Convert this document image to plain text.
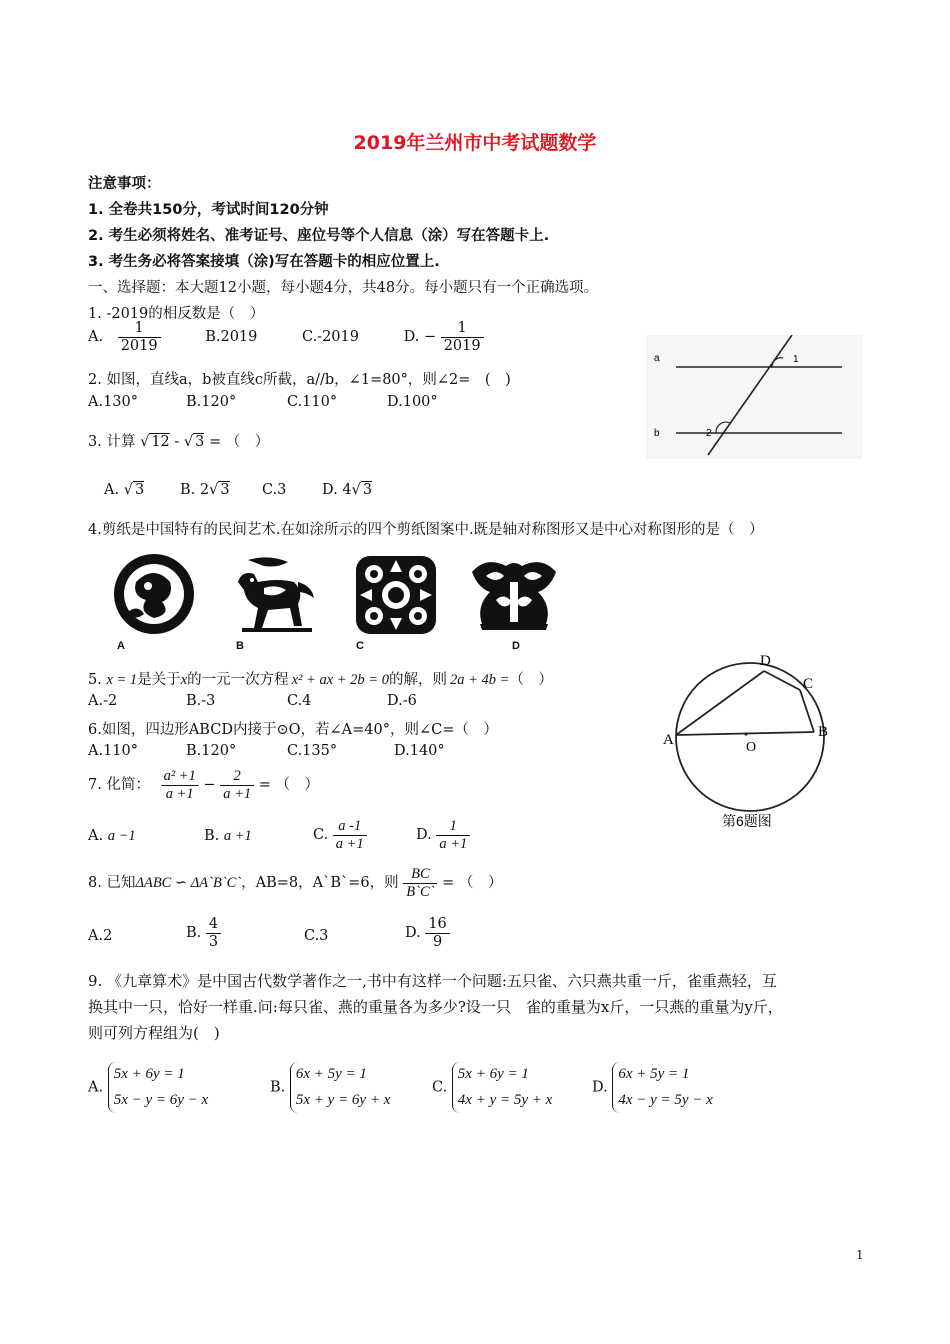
2019年兰州市中考试题数学
注意事项：
1. 全卷共150分，考试时间120分钟
2. 考生必须将姓名、准考证号、座位号等个人信息（涂）写在答题卡上.
3. 考生务必将答案接填（涂)写在答题卡的相应位置上.
一、选择题：本大题12小题，每小题4分，共48分。每小题只有一个正确选项。
1. -2019的相反数是（　）
A. $\frac{1}{2019}$	B.2019	C.-2019	D. − $\frac{1}{2019}$
2. 如图，直线a，b被直线c所截，a//b，∠1=80°，则∠2=　(　)
A.130°	B.120°	C.110°	D.100°
a
b
1
2
3. 计算 √ 12 - √ 3 = （　）
A. √ 3 B. 2√ 3 C.3 D. 4√ 3
4.剪纸是中国特有的民间艺术.在如涂所示的四个剪纸图案中.既是轴对称图形又是中心对称图形的是（　）
A	B	C	D
5. x = 1是关于x的一元一次方程 x² + ax + 2b = 0的解，则 2a + 4b =（　）
A.-2	B.-3	C.4	D.-6
6.如图，四边形ABCD内接于⊙O，若∠A=40°，则∠C=（　）
A.110°	B.120°	C.135°	D.140°
A	B
C
D
O
第6题图
7. 化简： $\frac{\text{a² +1}}{a +1} - \frac{2}{a +1}$ = （　）
A. a −1	B. a +1	C. $\frac{a -1}{a +1}$	D. $\frac{1}{a +1}$
8. 已知ΔABC ∽ ΔA`B`C`，AB=8，A`B`=6，则 $\frac{BC}{B`C`}$ = （　）
A.2	B. $\frac{4}{3}$	C.3	D. $\frac{16}{9}$
9. 《九章算术》是中国古代数学著作之一,书中有这样一个问题:五只雀、六只燕共重一斤，雀重燕轻，互
换其中一只，恰好一样重.问:每只雀、燕的重量各为多少?设一只　雀的重量为x斤，一只燕的重量为y斤，
则可列方程组为(　)
A.
5x + 6y = 1
5x − y = 6y − x
B.
6x + 5y = 1
5x + y = 6y + x
C.
5x + 6y = 1
4x + y = 5y + x
D.
6x + 5y = 1
4x − y = 5y − x
1
